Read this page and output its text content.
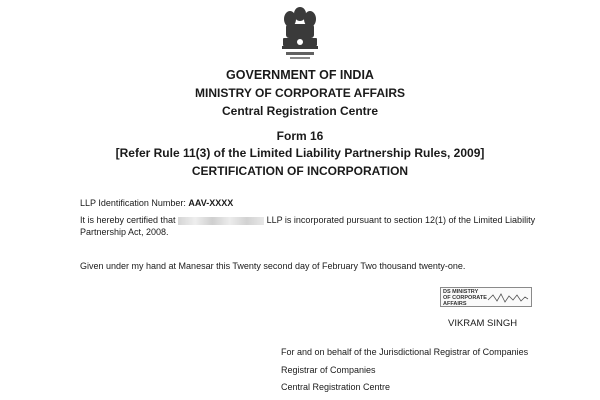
GOVERNMENT OF INDIA
MINISTRY OF CORPORATE AFFAIRS
Central Registration Centre
Form 16
[Refer Rule 11(3) of the Limited Liability Partnership Rules, 2009]
CERTIFICATION OF INCORPORATION
LLP Identification Number: AAV-XXXX
It is hereby certified that	LLP is incorporated pursuant to section 12(1) of the Limited Liability Partnership Act, 2008.
Given under my hand at Manesar this Twenty second day of February Two thousand twenty-one.
DS MINISTRY
OF CORPORATE
AFFAIRS
VIKRAM SINGH
For and on behalf of the Jurisdictional Registrar of Companies
Registrar of Companies
Central Registration Centre
